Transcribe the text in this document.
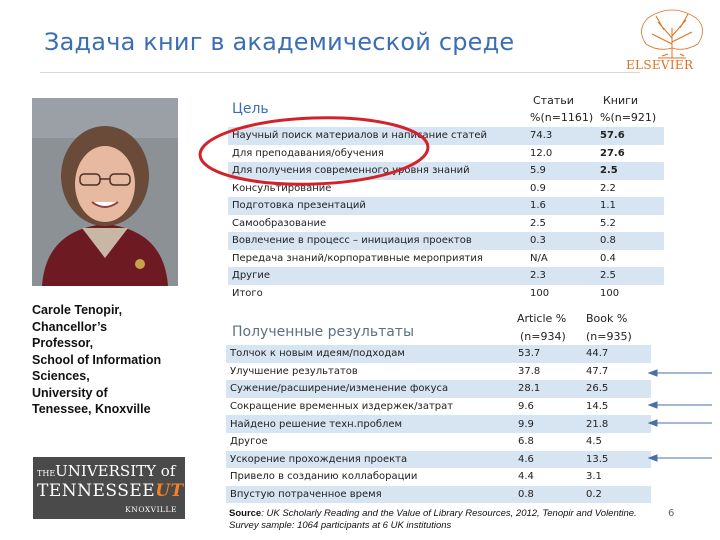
Задача книг в академической среде
ELSEVIER
Carole Tenopir,
Chancellor’s
Professor,
School of Information
Sciences,
University of
Tenessee, Knoxville
THEUNIVERSITY of
TENNESSEEUT
KNOXVILLE
Цель
Статьи
%(n=1161)
Книги
%(n=921)
Научный поиск материалов и написание статей	74.3	57.6
Для преподавания/обучения	12.0	27.6
Для получения современного уровня знаний	5.9	2.5
Консультирование	0.9	2.2
Подготовка презентаций	1.6	1.1
Самообразование	2.5	5.2
Вовлечение в процесс – инициация проектов	0.3	0.8
Передача знаний/корпоративные мероприятия	N/A	0.4
Другие	2.3	2.5
Итого	100	100
Полученные результаты
Article %
(n=934)
Book %
(n=935)
Толчок к новым идеям/подходам	53.7	44.7
Улучшение результатов	37.8	47.7
Сужение/расширение/изменение фокуса	28.1	26.5
Сокращение временных издержек/затрат	9.6	14.5
Найдено решение техн.проблем	9.9	21.8
Другое	6.8	4.5
Ускорение прохождения проекта	4.6	13.5
Привело в созданию коллаборации	4.4	3.1
Впустую потраченное время	0.8	0.2
Source: UK Scholarly Reading and the Value of Library Resources, 2012, Tenopir and Volentine. Survey sample: 1064 participants at 6 UK institutions
6
